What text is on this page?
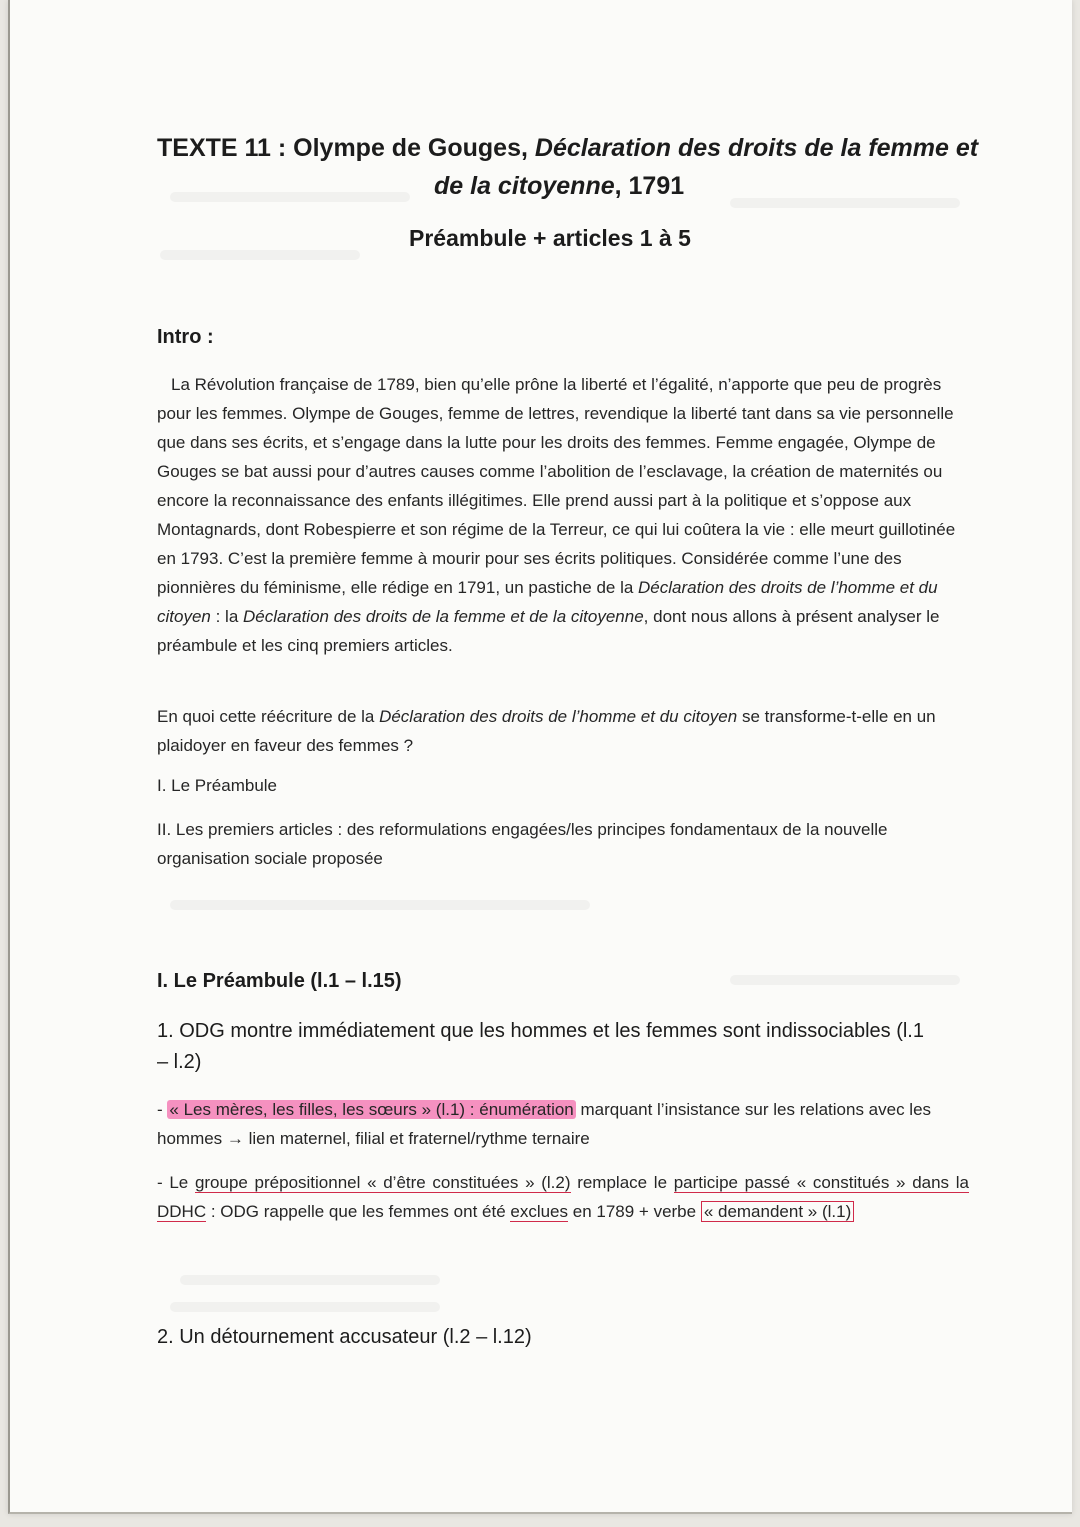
TEXTE 11 : Olympe de Gouges, Déclaration des droits de la femme et
de la citoyenne, 1791
Préambule + articles 1 à 5
Intro :
La Révolution française de 1789, bien qu’elle prône la liberté et l’égalité, n’apporte que peu de progrès pour les femmes. Olympe de Gouges, femme de lettres, revendique la liberté tant dans sa vie personnelle que dans ses écrits, et s’engage dans la lutte pour les droits des femmes. Femme engagée, Olympe de Gouges se bat aussi pour d’autres causes comme l’abolition de l’esclavage, la création de maternités ou encore la reconnaissance des enfants illégitimes. Elle prend aussi part à la politique et s’oppose aux Montagnards, dont Robespierre et son régime de la Terreur, ce qui lui coûtera la vie : elle meurt guillotinée en 1793. C’est la première femme à mourir pour ses écrits politiques. Considérée comme l’une des pionnières du féminisme, elle rédige en 1791, un pastiche de la Déclaration des droits de l’homme et du citoyen : la Déclaration des droits de la femme et de la citoyenne, dont nous allons à présent analyser le préambule et les cinq premiers articles.
En quoi cette réécriture de la Déclaration des droits de l’homme et du citoyen se transforme-t-elle en un plaidoyer en faveur des femmes ?
I. Le Préambule
II. Les premiers articles : des reformulations engagées/les principes fondamentaux de la nouvelle organisation sociale proposée
I. Le Préambule (l.1 – l.15)
1. ODG montre immédiatement que les hommes et les femmes sont indissociables (l.1 – l.2)
- « Les mères, les filles, les sœurs » (l.1) : énumération marquant l’insistance sur les relations avec les hommes → lien maternel, filial et fraternel/rythme ternaire
- Le groupe prépositionnel « d’être constituées » (l.2) remplace le participe passé « constitués » dans la DDHC : ODG rappelle que les femmes ont été exclues en 1789 + verbe « demandent » (l.1)
2. Un détournement accusateur (l.2 – l.12)
